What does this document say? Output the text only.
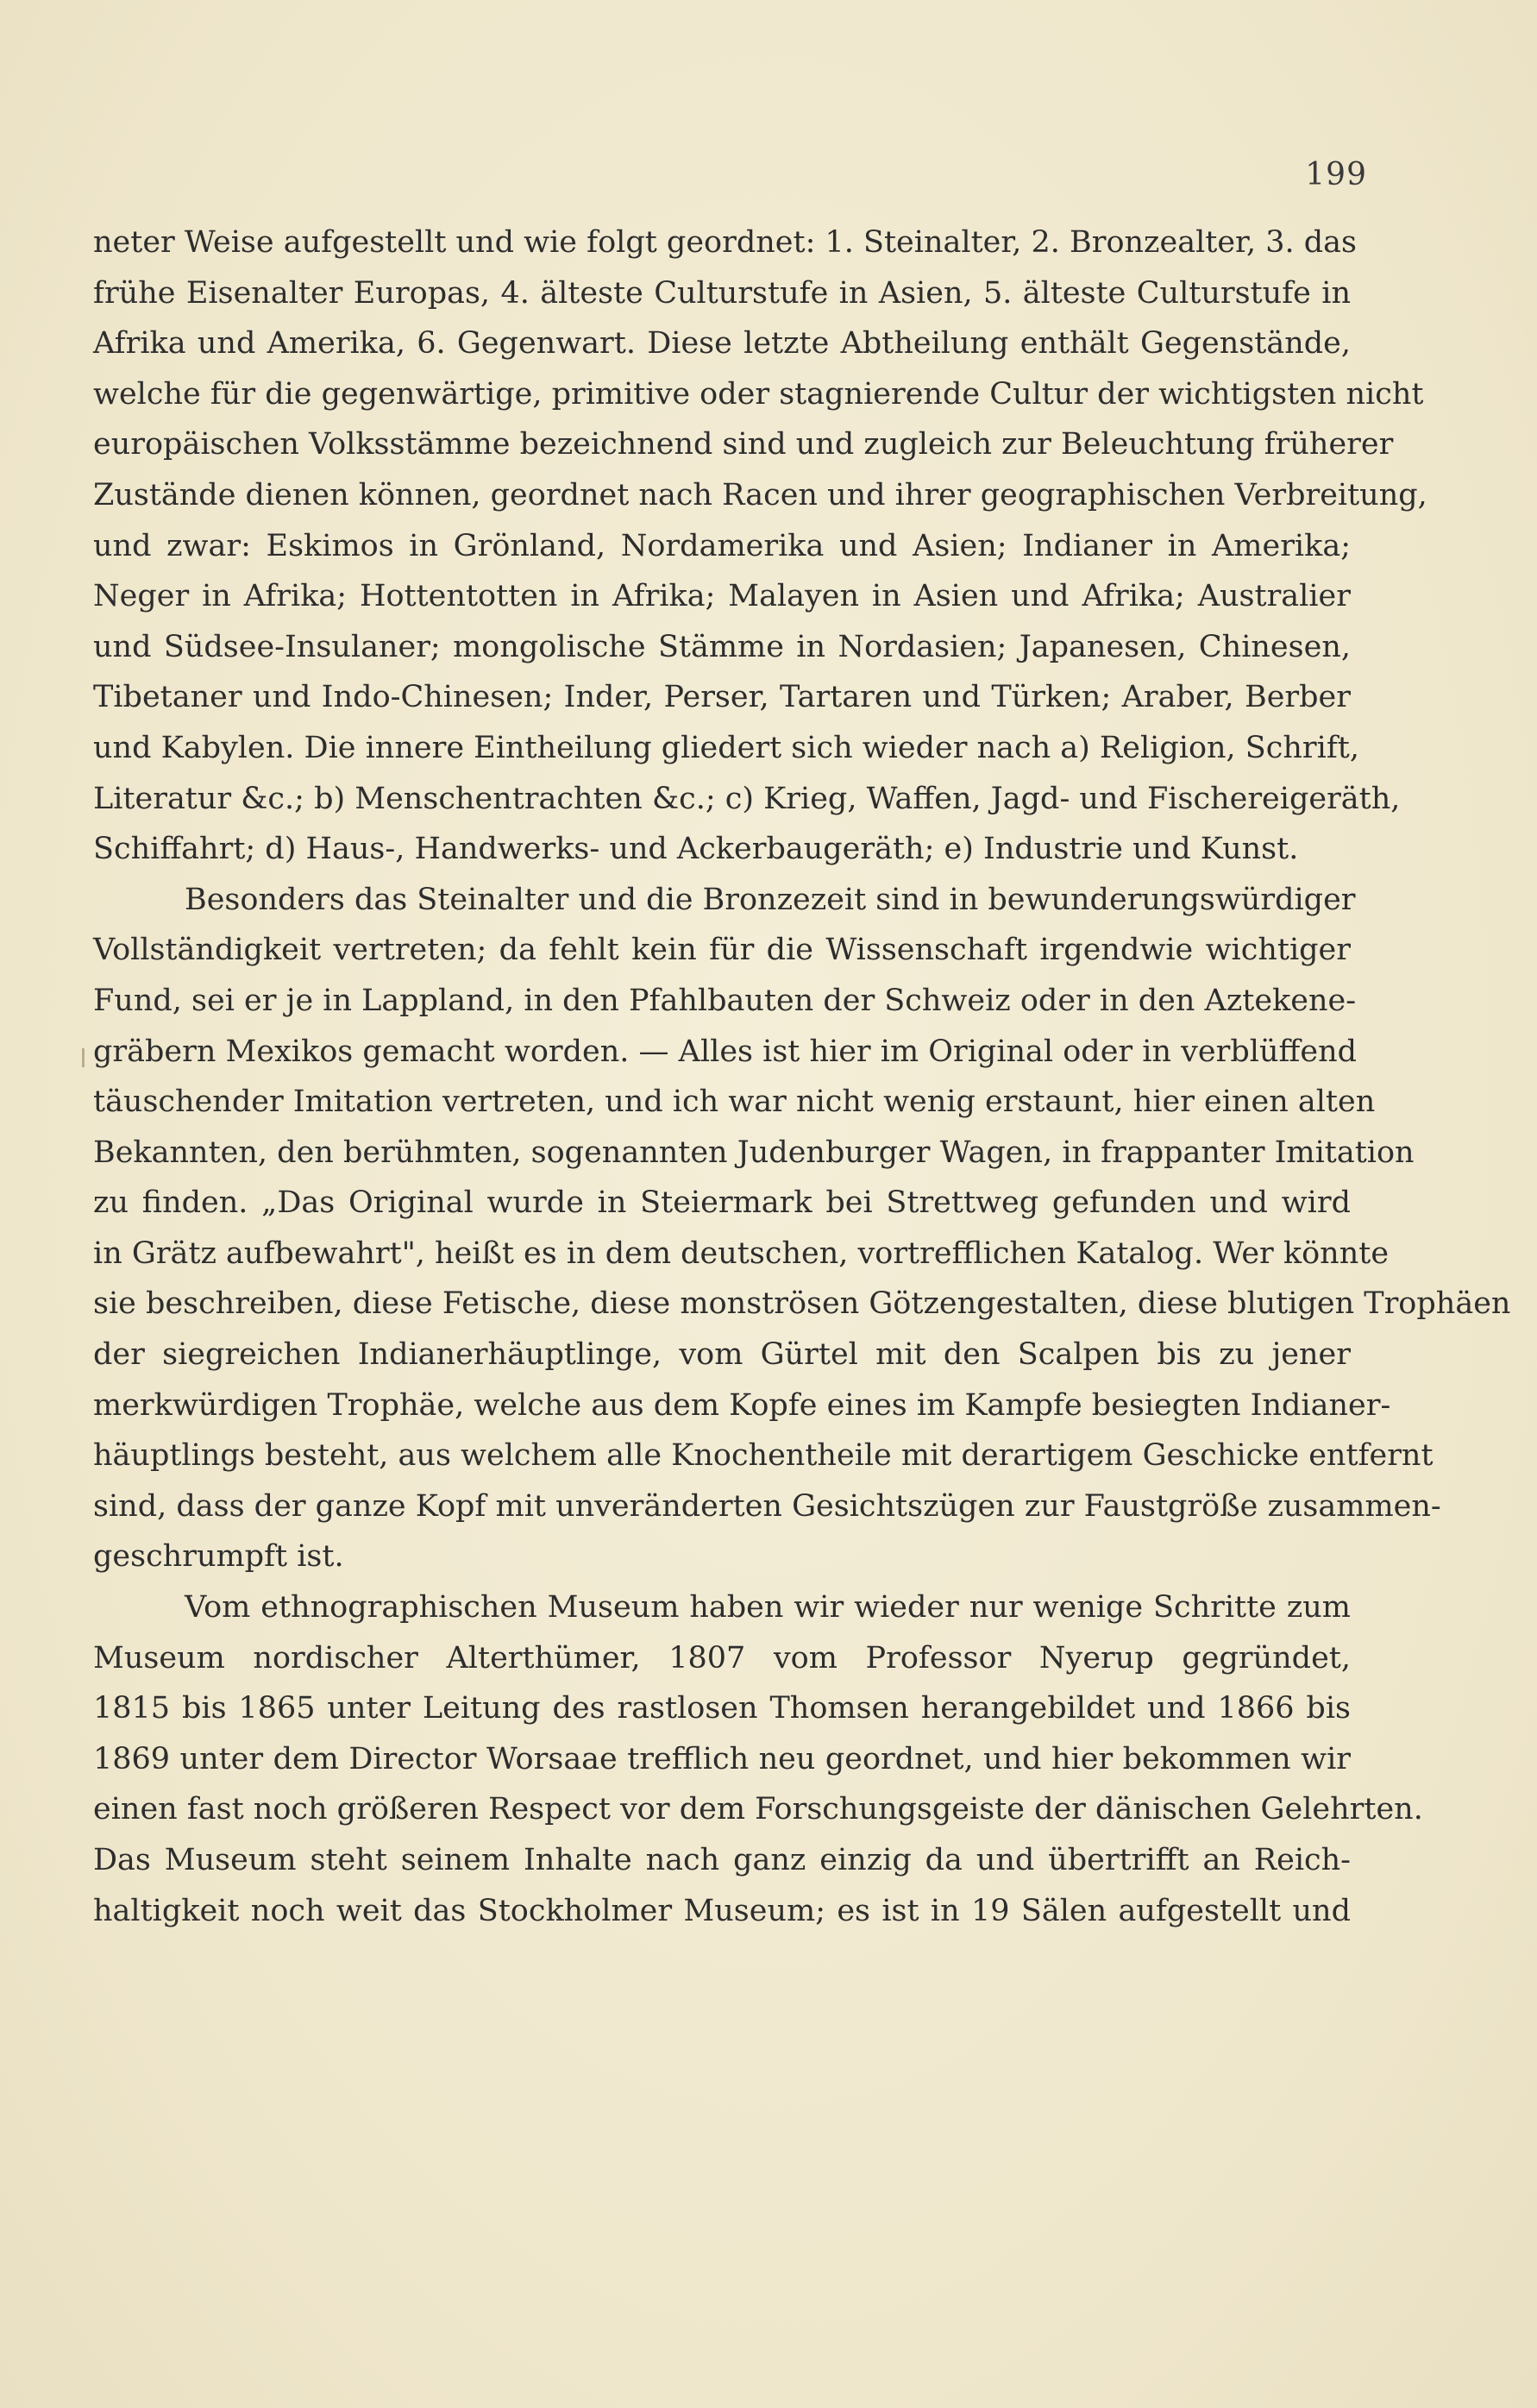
199
neter Weise aufgestellt und wie folgt geordnet: 1. Steinalter, 2. Bronzealter, 3. das
frühe Eisenalter Europas, 4. älteste Culturstufe in Asien, 5. älteste Culturstufe in
Afrika und Amerika, 6. Gegenwart. Diese letzte Abtheilung enthält Gegenstände,
welche für die gegenwärtige, primitive oder stagnierende Cultur der wichtigsten nicht
europäischen Volksstämme bezeichnend sind und zugleich zur Beleuchtung früherer
Zustände dienen können, geordnet nach Racen und ihrer geographischen Verbreitung,
und zwar: Eskimos in Grönland, Nordamerika und Asien; Indianer in Amerika;
Neger in Afrika; Hottentotten in Afrika; Malayen in Asien und Afrika; Australier
und Südsee-Insulaner; mongolische Stämme in Nordasien; Japanesen, Chinesen,
Tibetaner und Indo-Chinesen; Inder, Perser, Tartaren und Türken; Araber, Berber
und Kabylen. Die innere Eintheilung gliedert sich wieder nach a) Religion, Schrift,
Literatur &c.; b) Menschentrachten &c.; c) Krieg, Waffen, Jagd- und Fischereigeräth,
Schiffahrt; d) Haus-, Handwerks- und Ackerbaugeräth; e) Industrie und Kunst.
Besonders das Steinalter und die Bronzezeit sind in bewunderungswürdiger
Vollständigkeit vertreten; da fehlt kein für die Wissenschaft irgendwie wichtiger
Fund, sei er je in Lappland, in den Pfahlbauten der Schweiz oder in den Aztekene-
gräbern Mexikos gemacht worden. — Alles ist hier im Original oder in verblüffend
täuschender Imitation vertreten, und ich war nicht wenig erstaunt, hier einen alten
Bekannten, den berühmten, sogenannten Judenburger Wagen, in frappanter Imitation
zu finden. „Das Original wurde in Steiermark bei Strettweg gefunden und wird
in Grätz aufbewahrt", heißt es in dem deutschen, vortrefflichen Katalog. Wer könnte
sie beschreiben, diese Fetische, diese monströsen Götzengestalten, diese blutigen Trophäen
der siegreichen Indianerhäuptlinge, vom Gürtel mit den Scalpen bis zu jener
merkwürdigen Trophäe, welche aus dem Kopfe eines im Kampfe besiegten Indianer-
häuptlings besteht, aus welchem alle Knochentheile mit derartigem Geschicke entfernt
sind, dass der ganze Kopf mit unveränderten Gesichtszügen zur Faustgröße zusammen-
geschrumpft ist.
Vom ethnographischen Museum haben wir wieder nur wenige Schritte zum
Museum nordischer Alterthümer, 1807 vom Professor Nyerup gegründet,
1815 bis 1865 unter Leitung des rastlosen Thomsen herangebildet und 1866 bis
1869 unter dem Director Worsaae trefflich neu geordnet, und hier bekommen wir
einen fast noch größeren Respect vor dem Forschungsgeiste der dänischen Gelehrten.
Das Museum steht seinem Inhalte nach ganz einzig da und übertrifft an Reich-
haltigkeit noch weit das Stockholmer Museum; es ist in 19 Sälen aufgestellt und
